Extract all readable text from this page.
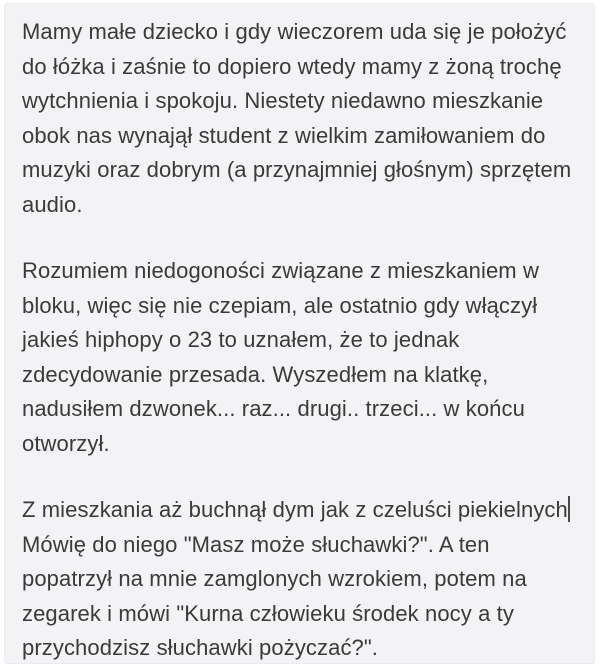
Mamy małe dziecko i gdy wieczorem uda się je położyć
do łóżka i zaśnie to dopiero wtedy mamy z żoną trochę
wytchnienia i spokoju. Niestety niedawno mieszkanie
obok nas wynajął student z wielkim zamiłowaniem do
muzyki oraz dobrym (a przynajmniej głośnym) sprzętem
audio.
Rozumiem niedogoności związane z mieszkaniem w
bloku, więc się nie czepiam, ale ostatnio gdy włączył
jakieś hiphopy o 23 to uznałem, że to jednak
zdecydowanie przesada. Wyszedłem na klatkę,
nadusiłem dzwonek... raz... drugi.. trzeci... w końcu
otworzył.
Z mieszkania aż buchnął dym jak z czeluści piekielnych
Mówię do niego "Masz może słuchawki?". A ten
popatrzył na mnie zamglonych wzrokiem, potem na
zegarek i mówi "Kurna człowieku środek nocy a ty
przychodzisz słuchawki pożyczać?".
